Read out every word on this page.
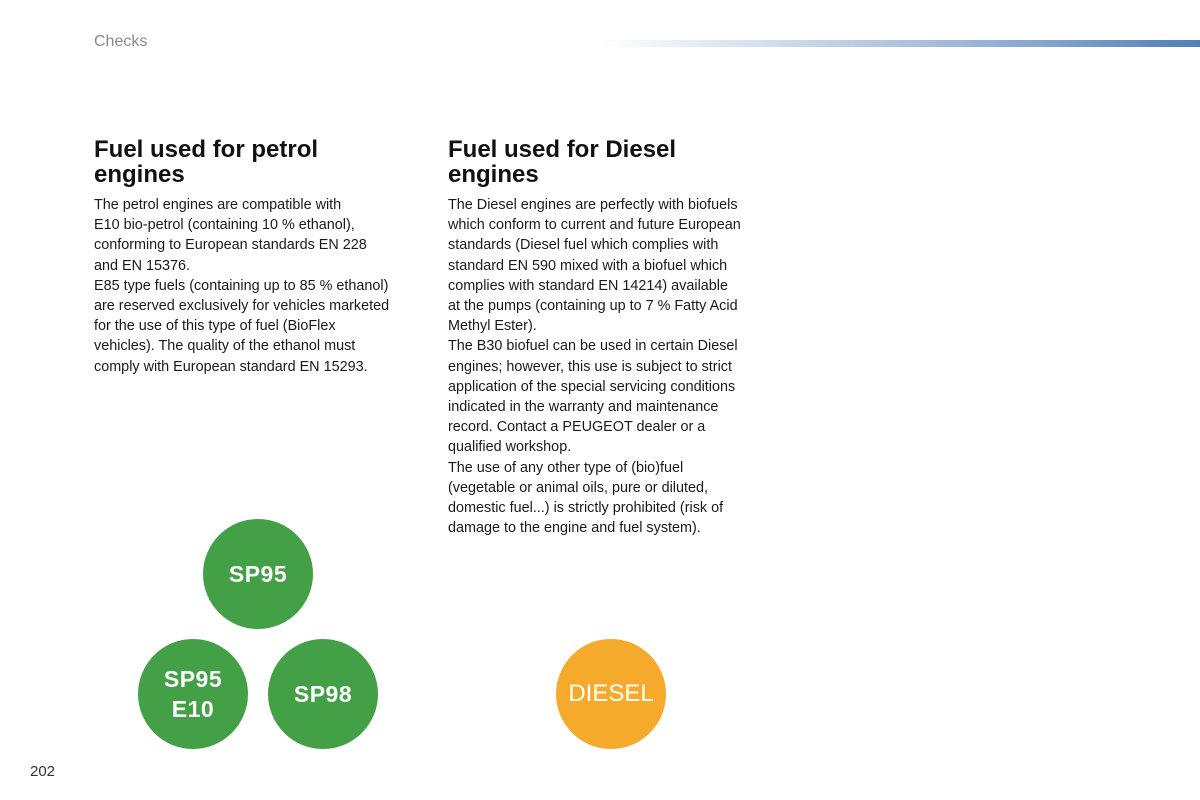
Checks
Fuel used for petrol
engines

The petrol engines are compatible with
E10 bio-petrol (containing 10 % ethanol),
conforming to European standards EN 228
and EN 15376.
E85 type fuels (containing up to 85 % ethanol)
are reserved exclusively for vehicles marketed
for the use of this type of fuel (BioFlex
vehicles). The quality of the ethanol must
comply with European standard EN 15293.

Fuel used for Diesel
engines

The Diesel engines are perfectly with biofuels
which conform to current and future European
standards (Diesel fuel which complies with
standard EN 590 mixed with a biofuel which
complies with standard EN 14214) available
at the pumps (containing up to 7 % Fatty Acid
Methyl Ester).
The B30 biofuel can be used in certain Diesel
engines; however, this use is subject to strict
application of the special servicing conditions
indicated in the warranty and maintenance
record. Contact a PEUGEOT dealer or a
qualified workshop.
The use of any other type of (bio)fuel
(vegetable or animal oils, pure or diluted,
domestic fuel...) is strictly prohibited (risk of
damage to the engine and fuel system).

SP95
SP95
E10
SP98	DIESEL
202
